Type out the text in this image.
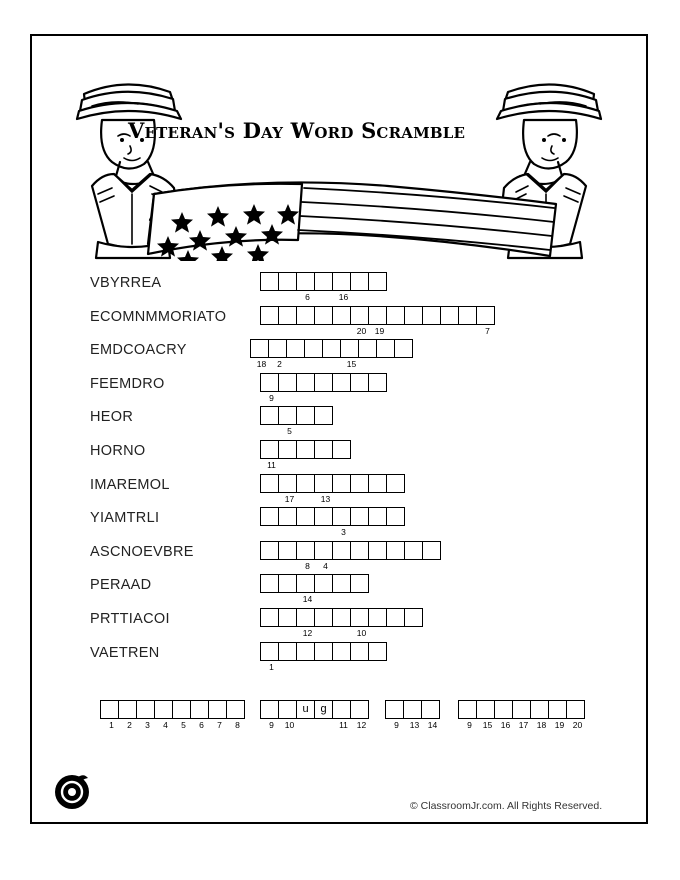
Veteran's Day Word Scramble
VBYRREA
6	16
ECOMNMMORIATO
20	19	7
EMDCOACRY
18	2	15
FEEMDRO
9
HEOR
5
HORNO
11
IMAREMOL
17	13
YIAMTRLI
3
ASCNOEVBRE
8	4
PERAAD
14
PRTTIACOI
12	10
VAETREN
1
1	2	3	4	5	6	7	8	9	10
u	g
11	12	9	13	14	9	15	16	17	18	19	20
© ClassroomJr.com. All Rights Reserved.
